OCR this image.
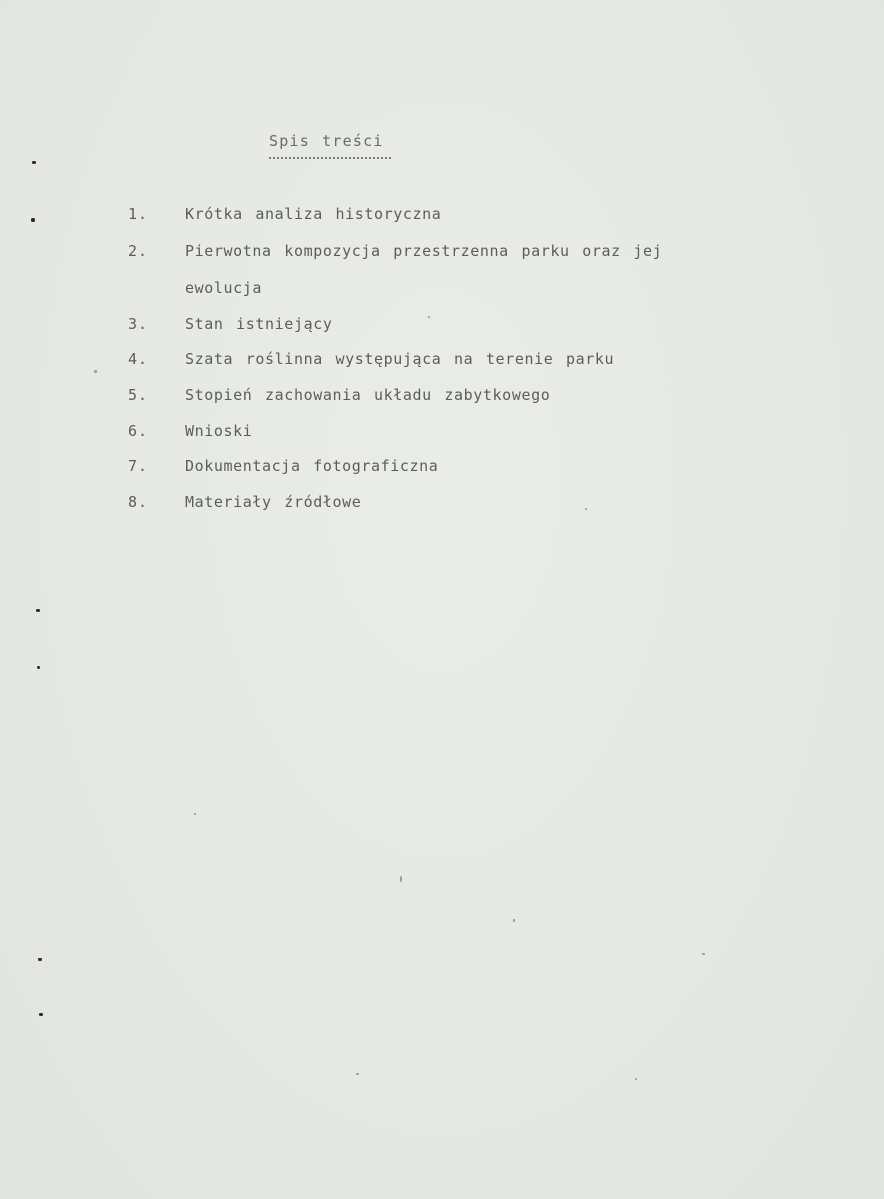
Spis treści
1.	Krótka analiza historyczna
2.	Pierwotna kompozycja przestrzenna parku oraz jej
ewolucja
3.	Stan istniejący
4.	Szata roślinna występująca na terenie parku
5.	Stopień zachowania układu zabytkowego
6.	Wnioski
7.	Dokumentacja fotograficzna
8.	Materiały źródłowe
